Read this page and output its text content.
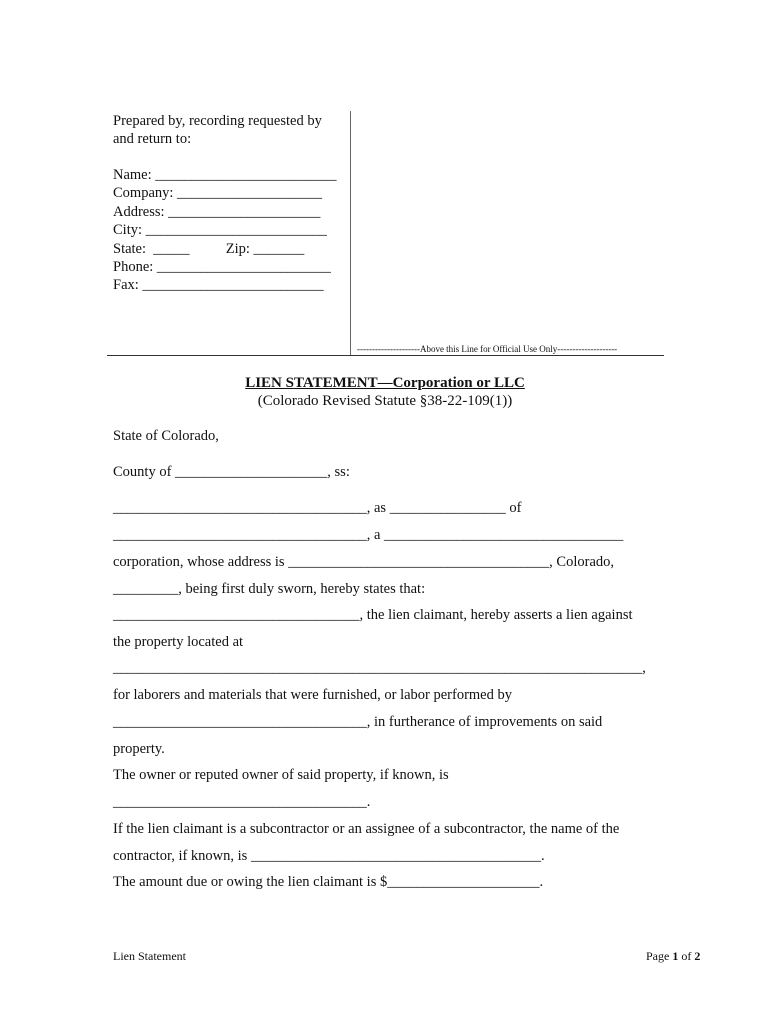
Prepared by, recording requested by
and return to:
Name: _________________________
Company: ____________________
Address: _____________________
City: _________________________
State:  _____          Zip: _______
Phone: ________________________
Fax: _________________________
---------------------Above this Line for Official Use Only--------------------
LIEN STATEMENT—Corporation or LLC
(Colorado Revised Statute §38-22-109(1))
State of Colorado,
County of _____________________, ss:
___________________________________, as ________________ of
___________________________________, a _________________________________
corporation, whose address is ____________________________________, Colorado,
_________, being first duly sworn, hereby states that:
__________________________________, the lien claimant, hereby asserts a lien against
the property located at
_________________________________________________________________________,
for laborers and materials that were furnished, or labor performed by
___________________________________, in furtherance of improvements on said
property.
The owner or reputed owner of said property, if known, is
___________________________________.
If the lien claimant is a subcontractor or an assignee of a subcontractor, the name of the
contractor, if known, is ________________________________________.
The amount due or owing the lien claimant is $_____________________.
Lien Statement	Page 1 of 2
